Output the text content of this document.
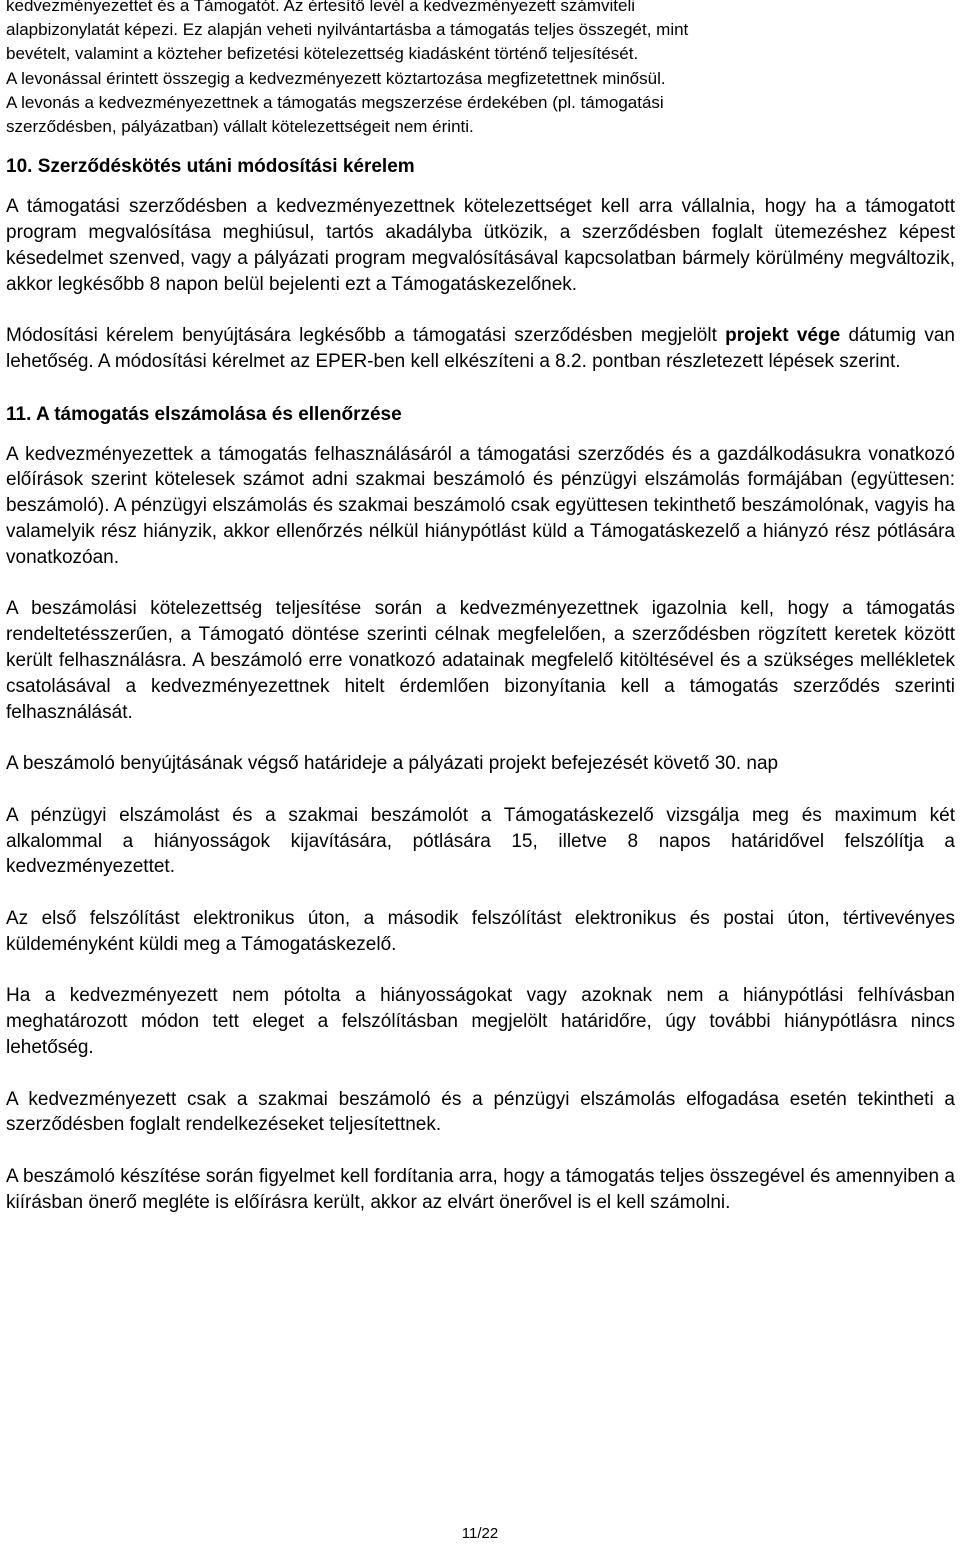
kedvezményezettet és a Támogatót. Az értesítő levél a kedvezményezett számviteli

alapbizonylatát képezi. Ez alapján veheti nyilvántartásba a támogatás teljes összegét, mint

bevételt, valamint a közteher befizetési kötelezettség kiadásként történő teljesítését.

A levonással érintett összegig a kedvezményezett köztartozása megfizetettnek minősül.

A levonás a kedvezményezettnek a támogatás megszerzése érdekében (pl. támogatási

szerződésben, pályázatban) vállalt kötelezettségeit nem érinti.

10. Szerződéskötés utáni módosítási kérelem

A támogatási szerződésben a kedvezményezettnek kötelezettséget kell arra vállalnia, hogy ha a támogatott program megvalósítása meghiúsul, tartós akadályba ütközik, a szerződésben foglalt ütemezéshez képest késedelmet szenved, vagy a pályázati program megvalósításával kapcsolatban bármely körülmény megváltozik, akkor legkésőbb 8 napon belül bejelenti ezt a Támogatáskezelőnek.

Módosítási kérelem benyújtására legkésőbb a támogatási szerződésben megjelölt projekt vége dátumig van lehetőség. A módosítási kérelmet az EPER-ben kell elkészíteni a 8.2. pontban részletezett lépések szerint.

11. A támogatás elszámolása és ellenőrzése

A kedvezményezettek a támogatás felhasználásáról a támogatási szerződés és a gazdálkodásukra vonatkozó előírások szerint kötelesek számot adni szakmai beszámoló és pénzügyi elszámolás formájában (együttesen: beszámoló). A pénzügyi elszámolás és szakmai beszámoló csak együttesen tekinthető beszámolónak, vagyis ha valamelyik rész hiányzik, akkor ellenőrzés nélkül hiánypótlást küld a Támogatáskezelő a hiányzó rész pótlására vonatkozóan.

A beszámolási kötelezettség teljesítése során a kedvezményezettnek igazolnia kell, hogy a támogatás rendeltetésszerűen, a Támogató döntése szerinti célnak megfelelően, a szerződésben rögzített keretek között került felhasználásra. A beszámoló erre vonatkozó adatainak megfelelő kitöltésével és a szükséges mellékletek csatolásával a kedvezményezettnek hitelt érdemlően bizonyítania kell a támogatás szerződés szerinti felhasználását.

A beszámoló benyújtásának végső határideje a pályázati projekt befejezését követő 30. nap

A pénzügyi elszámolást és a szakmai beszámolót a Támogatáskezelő vizsgálja meg és maximum két alkalommal a hiányosságok kijavítására, pótlására 15, illetve 8 napos határidővel felszólítja a kedvezményezettet.

Az első felszólítást elektronikus úton, a második felszólítást elektronikus és postai úton, tértivevényes küldeményként küldi meg a Támogatáskezelő.

Ha a kedvezményezett nem pótolta a hiányosságokat vagy azoknak nem a hiánypótlási felhívásban meghatározott módon tett eleget a felszólításban megjelölt határidőre, úgy további hiánypótlásra nincs lehetőség.

A kedvezményezett csak a szakmai beszámoló és a pénzügyi elszámolás elfogadása esetén tekintheti a szerződésben foglalt rendelkezéseket teljesítettnek.

A beszámoló készítése során figyelmet kell fordítania arra, hogy a támogatás teljes összegével és amennyiben a kiírásban önerő megléte is előírásra került, akkor az elvárt önerővel is el kell számolni.

11/22
